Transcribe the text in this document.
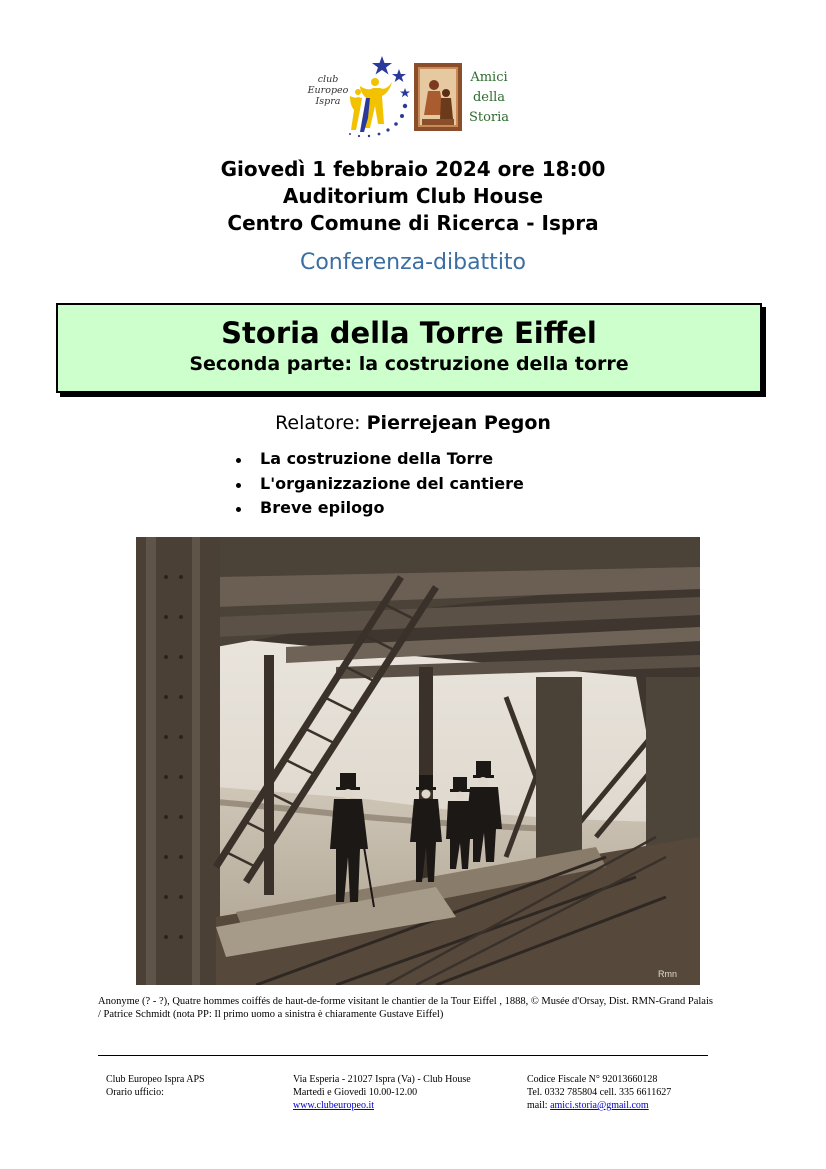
club
Europeo
Ispra
Amici
della
Storia
Giovedì 1 febbraio 2024 ore 18:00
Auditorium Club House
Centro Comune di Ricerca - Ispra
Conferenza-dibattito
Storia della Torre Eiffel
Seconda parte: la costruzione della torre
Relatore: Pierrejean Pegon
La costruzione della Torre
L'organizzazione del cantiere
Breve epilogo
Rmn
Anonyme (? - ?), Quatre hommes coiffés de haut-de-forme visitant le chantier de la Tour Eiffel , 1888, © Musée d'Orsay, Dist. RMN-Grand Palais / Patrice Schmidt (nota PP: Il primo uomo a sinistra è chiaramente Gustave Eiffel)
Club Europeo Ispra APS
Orario ufficio:
Via Esperia - 21027 Ispra (Va) - Club House
Martedì e Giovedì 10.00-12.00
www.clubeuropeo.it
Codice Fiscale N° 92013660128
Tel. 0332 785804 cell. 335 6611627
mail: amici.storia@gmail.com
